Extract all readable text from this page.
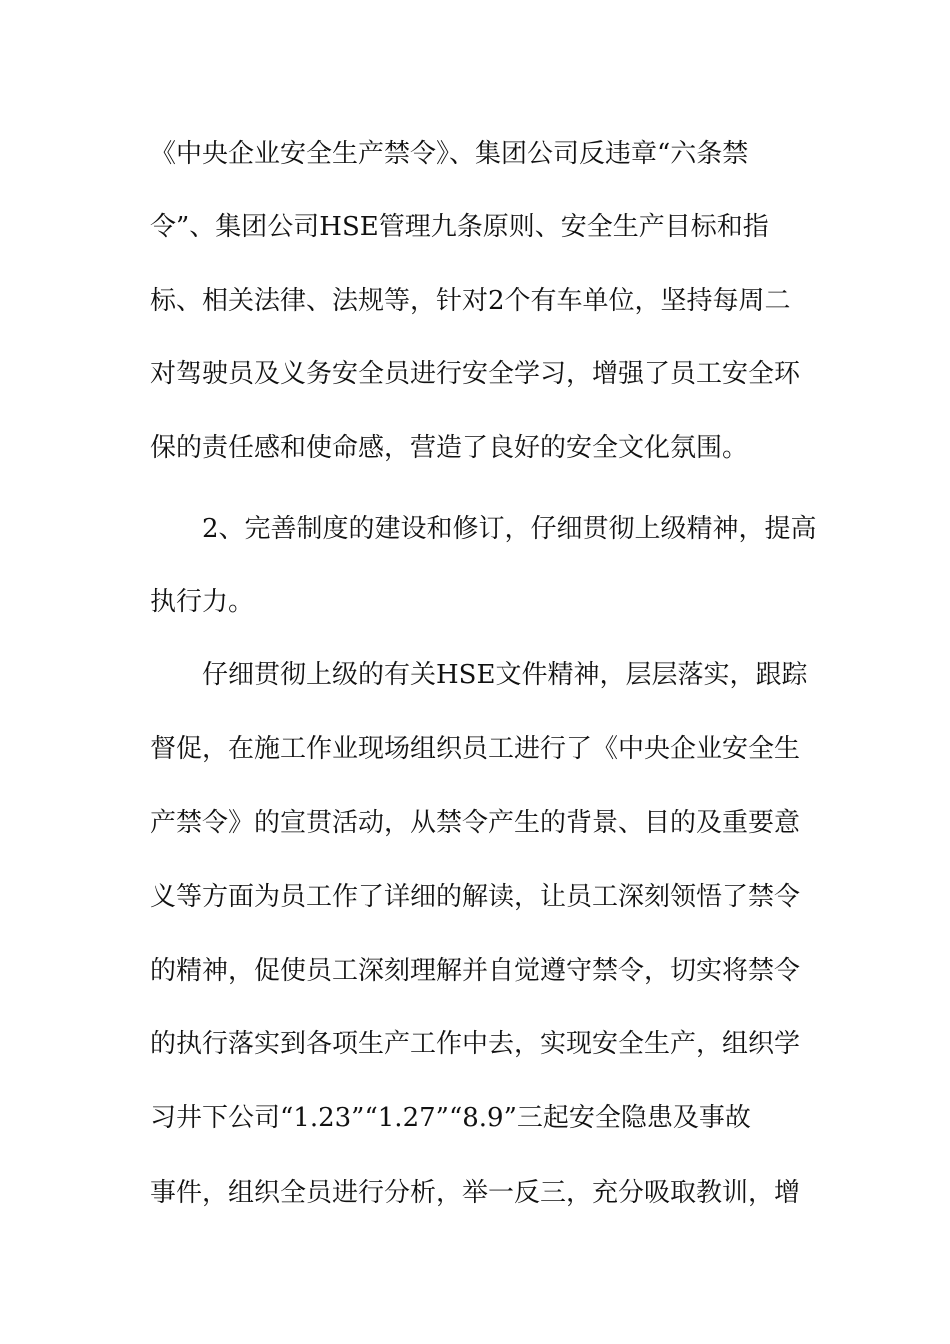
《中央企业安全生产禁令》、集团公司反违章“六条禁
令”、集团公司HSE管理九条原则、安全生产目标和指
标、相关法律、法规等，针对2个有车单位，坚持每周二
对驾驶员及义务安全员进行安全学习，增强了员工安全环
保的责任感和使命感，营造了良好的安全文化氛围。
2、完善制度的建设和修订，仔细贯彻上级精神，提高
执行力。
仔细贯彻上级的有关HSE文件精神，层层落实，跟踪
督促，在施工作业现场组织员工进行了《中央企业安全生
产禁令》的宣贯活动，从禁令产生的背景、目的及重要意
义等方面为员工作了详细的解读，让员工深刻领悟了禁令
的精神，促使员工深刻理解并自觉遵守禁令，切实将禁令
的执行落实到各项生产工作中去，实现安全生产，组织学
习井下公司“1.23”“1.27”“8.9”三起安全隐患及事故
事件，组织全员进行分析，举一反三，充分吸取教训，增
